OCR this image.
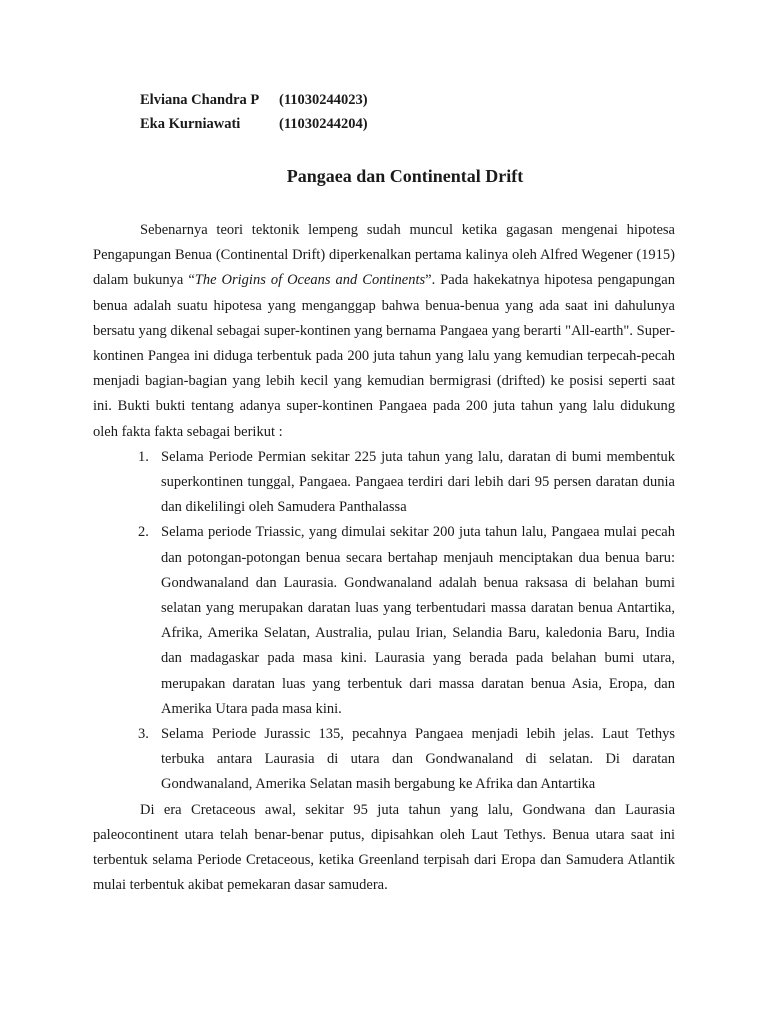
Elviana Chandra P	(11030244023)
Eka Kurniawati	(11030244204)
Pangaea dan Continental Drift

Sebenarnya teori tektonik lempeng sudah muncul ketika gagasan mengenai hipotesa Pengapungan Benua (Continental Drift) diperkenalkan pertama kalinya oleh Alfred Wegener (1915) dalam bukunya “The Origins of Oceans and Continents”. Pada hakekatnya hipotesa pengapungan benua adalah suatu hipotesa yang menganggap bahwa benua-benua yang ada saat ini dahulunya bersatu yang dikenal sebagai super-kontinen yang bernama Pangaea yang berarti "All-earth". Super-kontinen Pangea ini diduga terbentuk pada 200 juta tahun yang lalu yang kemudian terpecah-pecah menjadi bagian-bagian yang lebih kecil yang kemudian bermigrasi (drifted) ke posisi seperti saat ini. Bukti bukti tentang adanya super-kontinen Pangaea pada 200 juta tahun yang lalu didukung oleh fakta fakta sebagai berikut :

1. Selama Periode Permian sekitar 225 juta tahun yang lalu, daratan di bumi membentuk superkontinen tunggal, Pangaea. Pangaea terdiri dari lebih dari 95 persen daratan dunia dan dikelilingi oleh Samudera Panthalassa
2. Selama periode Triassic, yang dimulai sekitar 200 juta tahun lalu, Pangaea mulai pecah dan potongan-potongan benua secara bertahap menjauh menciptakan dua benua baru: Gondwanaland dan Laurasia. Gondwanaland adalah benua raksasa di belahan bumi selatan yang merupakan daratan luas yang terbentudari massa daratan benua Antartika, Afrika, Amerika Selatan, Australia, pulau Irian, Selandia Baru, kaledonia Baru, India dan madagaskar pada masa kini. Laurasia yang berada pada belahan bumi utara, merupakan daratan luas yang terbentuk dari massa daratan benua Asia, Eropa, dan Amerika Utara pada masa kini.
3. Selama Periode Jurassic 135, pecahnya Pangaea menjadi lebih jelas. Laut Tethys terbuka antara Laurasia di utara dan Gondwanaland di selatan. Di daratan Gondwanaland, Amerika Selatan masih bergabung ke Afrika dan Antartika

Di era Cretaceous awal, sekitar 95 juta tahun yang lalu, Gondwana dan Laurasia paleocontinent utara telah benar-benar putus, dipisahkan oleh Laut Tethys. Benua utara saat ini terbentuk selama Periode Cretaceous, ketika Greenland terpisah dari Eropa dan Samudera Atlantik mulai terbentuk akibat pemekaran dasar samudera.
